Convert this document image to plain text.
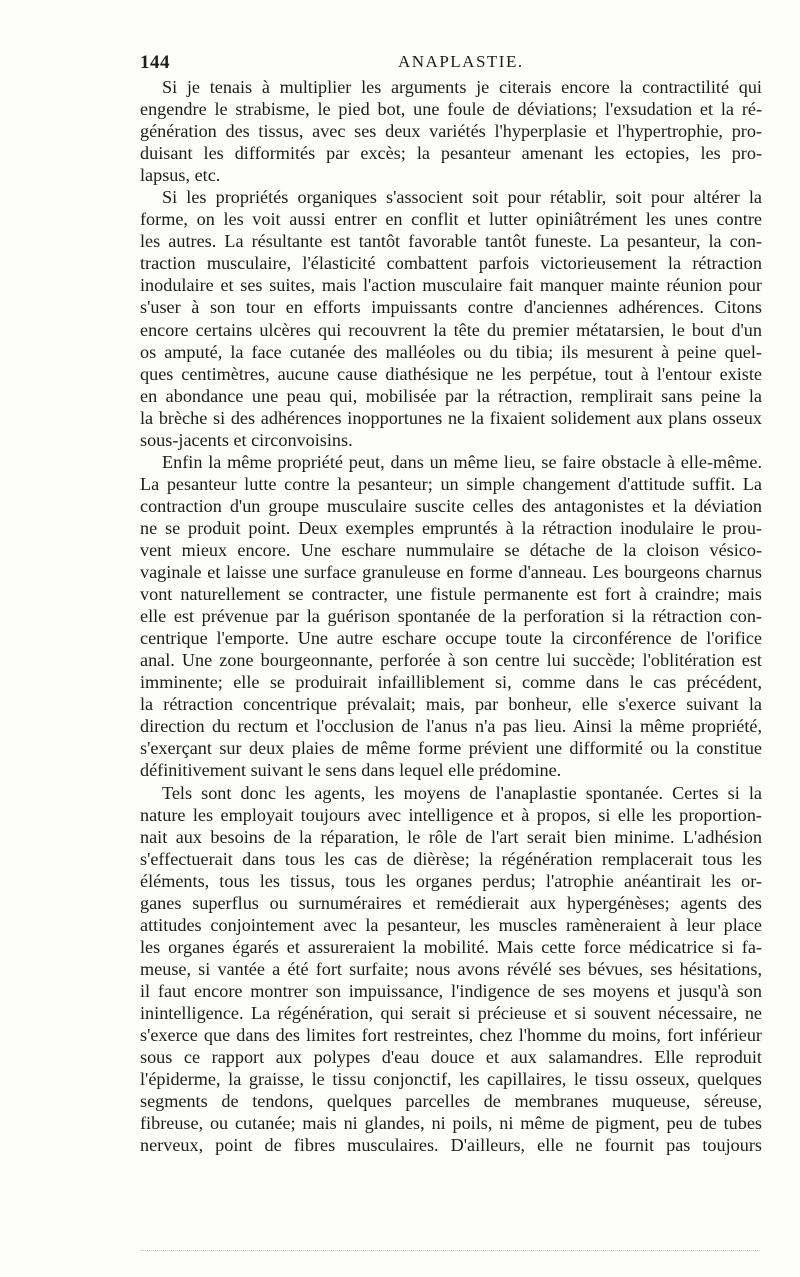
144	ANAPLASTIE.
Si je tenais à multiplier les arguments je citerais encore la contractilité qui
engendre le strabisme, le pied bot, une foule de déviations; l'exsudation et la ré-
génération des tissus, avec ses deux variétés l'hyperplasie et l'hypertrophie, pro-
duisant les difformités par excès; la pesanteur amenant les ectopies, les pro-
lapsus, etc.
Si les propriétés organiques s'associent soit pour rétablir, soit pour altérer la
forme, on les voit aussi entrer en conflit et lutter opiniâtrément les unes contre
les autres. La résultante est tantôt favorable tantôt funeste. La pesanteur, la con-
traction musculaire, l'élasticité combattent parfois victorieusement la rétraction
inodulaire et ses suites, mais l'action musculaire fait manquer mainte réunion pour
s'user à son tour en efforts impuissants contre d'anciennes adhérences. Citons
encore certains ulcères qui recouvrent la tête du premier métatarsien, le bout d'un
os amputé, la face cutanée des malléoles ou du tibia; ils mesurent à peine quel-
ques centimètres, aucune cause diathésique ne les perpétue, tout à l'entour existe
en abondance une peau qui, mobilisée par la rétraction, remplirait sans peine la
la brèche si des adhérences inopportunes ne la fixaient solidement aux plans osseux
sous-jacents et circonvoisins.
Enfin la même propriété peut, dans un même lieu, se faire obstacle à elle-même.
La pesanteur lutte contre la pesanteur; un simple changement d'attitude suffit. La
contraction d'un groupe musculaire suscite celles des antagonistes et la déviation
ne se produit point. Deux exemples empruntés à la rétraction inodulaire le prou-
vent mieux encore. Une eschare nummulaire se détache de la cloison vésico-
vaginale et laisse une surface granuleuse en forme d'anneau. Les bourgeons charnus
vont naturellement se contracter, une fistule permanente est fort à craindre; mais
elle est prévenue par la guérison spontanée de la perforation si la rétraction con-
centrique l'emporte. Une autre eschare occupe toute la circonférence de l'orifice
anal. Une zone bourgeonnante, perforée à son centre lui succède; l'oblitération est
imminente; elle se produirait infailliblement si, comme dans le cas précédent,
la rétraction concentrique prévalait; mais, par bonheur, elle s'exerce suivant la
direction du rectum et l'occlusion de l'anus n'a pas lieu. Ainsi la même propriété,
s'exerçant sur deux plaies de même forme prévient une difformité ou la constitue
définitivement suivant le sens dans lequel elle prédomine.
Tels sont donc les agents, les moyens de l'anaplastie spontanée. Certes si la
nature les employait toujours avec intelligence et à propos, si elle les proportion-
nait aux besoins de la réparation, le rôle de l'art serait bien minime. L'adhésion
s'effectuerait dans tous les cas de dièrèse; la régénération remplacerait tous les
éléments, tous les tissus, tous les organes perdus; l'atrophie anéantirait les or-
ganes superflus ou surnuméraires et remédierait aux hypergénèses; agents des
attitudes conjointement avec la pesanteur, les muscles ramèneraient à leur place
les organes égarés et assureraient la mobilité. Mais cette force médicatrice si fa-
meuse, si vantée a été fort surfaite; nous avons révélé ses bévues, ses hésitations,
il faut encore montrer son impuissance, l'indigence de ses moyens et jusqu'à son
inintelligence. La régénération, qui serait si précieuse et si souvent nécessaire, ne
s'exerce que dans des limites fort restreintes, chez l'homme du moins, fort inférieur
sous ce rapport aux polypes d'eau douce et aux salamandres. Elle reproduit
l'épiderme, la graisse, le tissu conjonctif, les capillaires, le tissu osseux, quelques
segments de tendons, quelques parcelles de membranes muqueuse, séreuse,
fibreuse, ou cutanée; mais ni glandes, ni poils, ni même de pigment, peu de tubes
nerveux, point de fibres musculaires. D'ailleurs, elle ne fournit pas toujours
